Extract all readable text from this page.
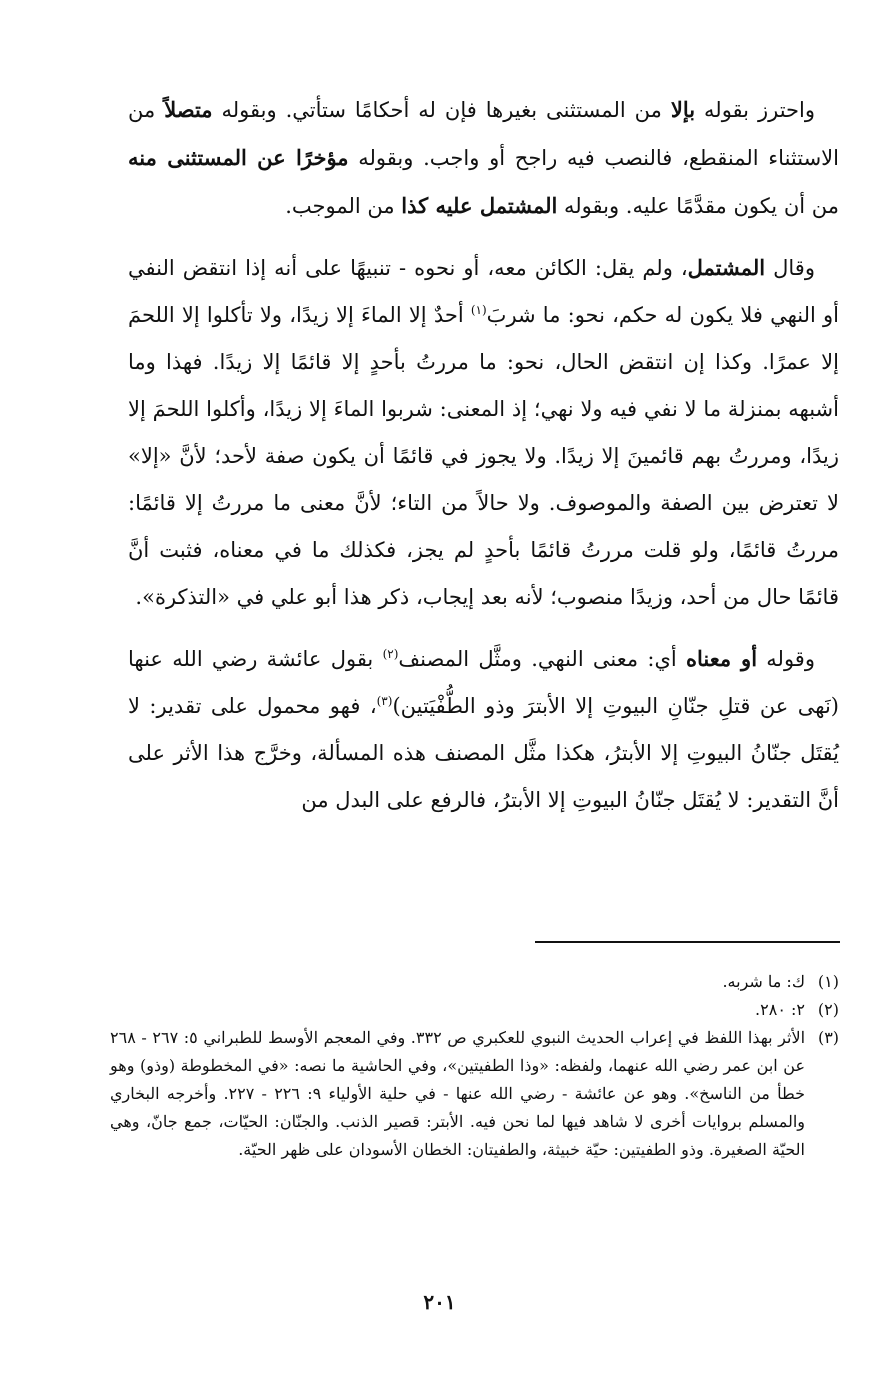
واحترز بقوله بإلا من المستثنى بغيرها فإن له أحكامًا ستأتي. وبقوله متصلاً من الاستثناء المنقطع، فالنصب فيه راجح أو واجب. وبقوله مؤخرًا عن المستثنى منه من أن يكون مقدَّمًا عليه. وبقوله المشتمل عليه كذا من الموجب.

وقال المشتمل، ولم يقل: الكائن معه، أو نحوه - تنبيهًا على أنه إذا انتقض النفي أو النهي فلا يكون له حكم، نحو: ما شربَ$^{(١)}$ أحدٌ إلا الماءَ إلا زيدًا، ولا تأكلوا إلا اللحمَ إلا عمرًا. وكذا إن انتقض الحال، نحو: ما مررتُ بأحدٍ إلا قائمًا إلا زيدًا. فهذا وما أشبهه بمنزلة ما لا نفي فيه ولا نهي؛ إذ المعنى: شربوا الماءَ إلا زيدًا، وأكلوا اللحمَ إلا زيدًا، ومررتُ بهم قائمينَ إلا زيدًا. ولا يجوز في قائمًا أن يكون صفة لأحد؛ لأنَّ «إلا» لا تعترض بين الصفة والموصوف. ولا حالاً من التاء؛ لأنَّ معنى ما مررتُ إلا قائمًا: مررتُ قائمًا، ولو قلت مررتُ قائمًا بأحدٍ لم يجز، فكذلك ما في معناه، فثبت أنَّ قائمًا حال من أحد، وزيدًا منصوب؛ لأنه بعد إيجاب، ذكر هذا أبو علي في «التذكرة».

وقوله أو معناه أي: معنى النهي. ومثَّل المصنف$^{(٢)}$ بقول عائشة رضي الله عنها (نَهى عن قتلِ جنّانِ البيوتِ إلا الأبترَ وذو الطُّفْيَتين)$^{(٣)}$، فهو محمول على تقدير: لا يُقتَل جنّانُ البيوتِ إلا الأبترُ، هكذا مثَّل المصنف هذه المسألة، وخرَّج هذا الأثر على أنَّ التقدير: لا يُقتَل جنّانُ البيوتِ إلا الأبترُ، فالرفع على البدل من

(١)ك: ما شربه.

(٢)٢: ٢٨٠.

(٣)الأثر بهذا اللفظ في إعراب الحديث النبوي للعكبري ص ٣٣٢. وفي المعجم الأوسط للطبراني ٥: ٢٦٧ - ٢٦٨ عن ابن عمر رضي الله عنهما، ولفظه: «وذا الطفيتين»، وفي الحاشية ما نصه: «في المخطوطة (وذو) وهو خطأ من الناسخ». وهو عن عائشة - رضي الله عنها - في حلية الأولياء ٩: ٢٢٦ - ٢٢٧. وأخرجه البخاري والمسلم بروايات أخرى لا شاهد فيها لما نحن فيه. الأبتر: قصير الذنب. والجنّان: الحيّات، جمع جانّ، وهي الحيّة الصغيرة. وذو الطفيتين: حيّة خبيثة، والطفيتان: الخطان الأسودان على ظهر الحيّة.

٢٠١
